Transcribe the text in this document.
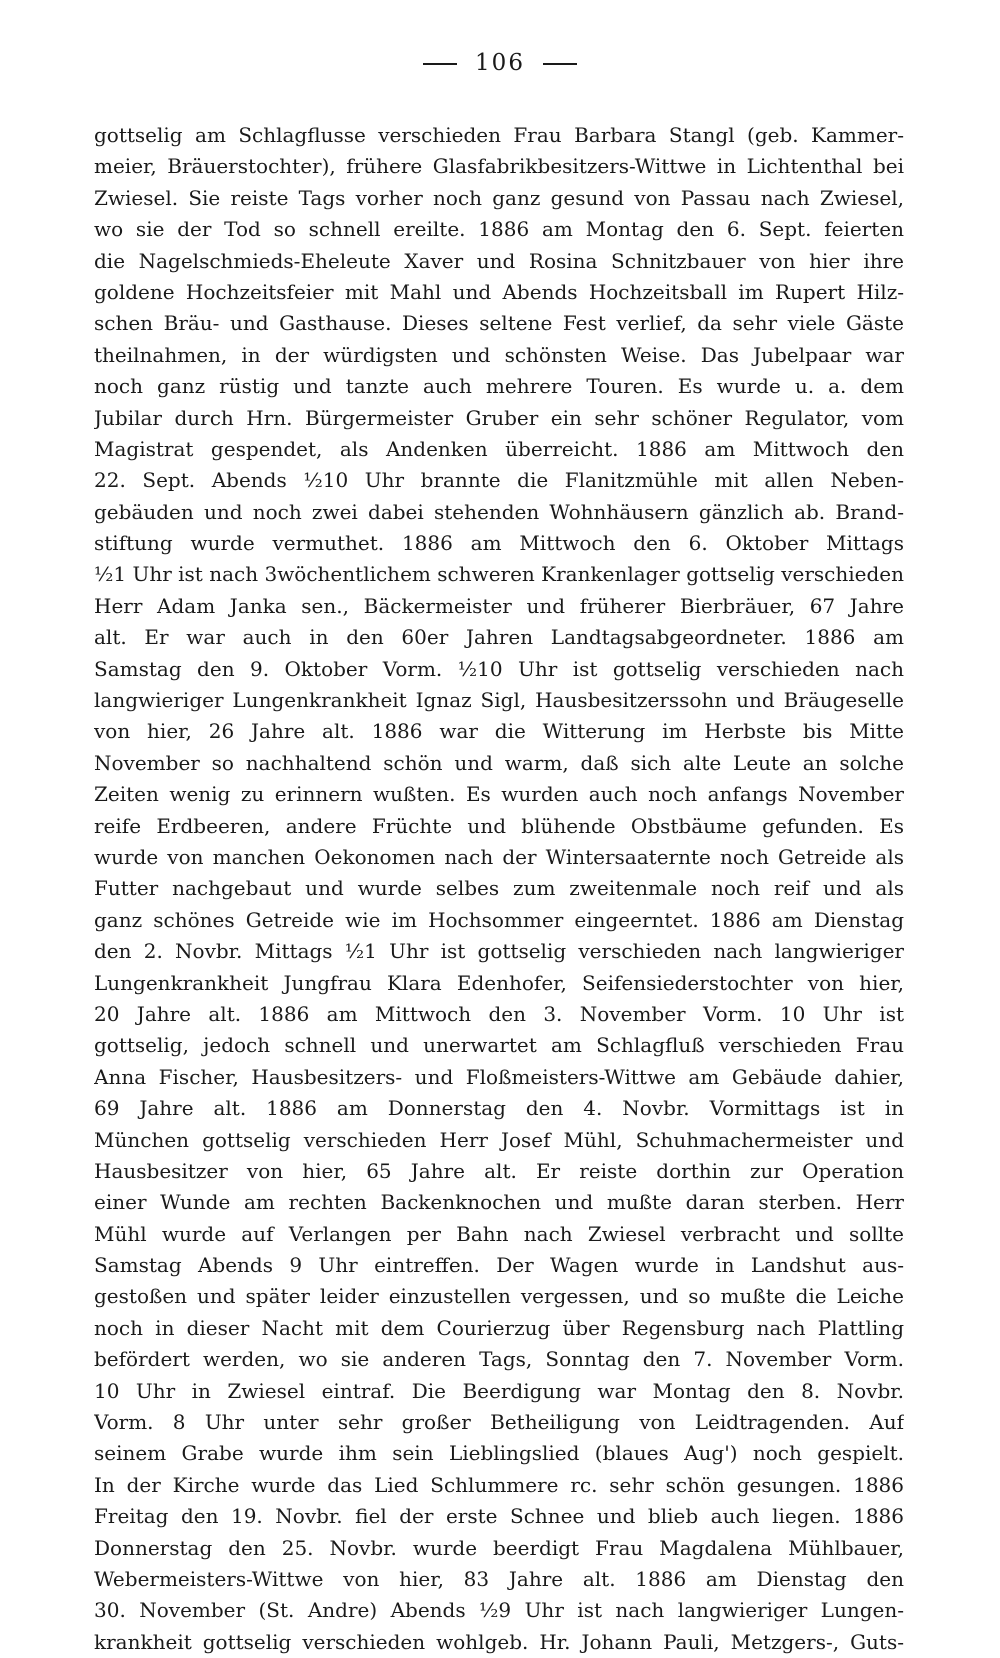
106
gottselig am Schlagflusse verschieden Frau Barbara Stangl (geb. Kammer-
meier, Bräuerstochter), frühere Glasfabrikbesitzers-Wittwe in Lichtenthal bei
Zwiesel. Sie reiste Tags vorher noch ganz gesund von Passau nach Zwiesel,
wo sie der Tod so schnell ereilte. 1886 am Montag den 6. Sept. feierten
die Nagelschmieds-Eheleute Xaver und Rosina Schnitzbauer von hier ihre
goldene Hochzeitsfeier mit Mahl und Abends Hochzeitsball im Rupert Hilz-
schen Bräu- und Gasthause. Dieses seltene Fest verlief, da sehr viele Gäste
theilnahmen, in der würdigsten und schönsten Weise. Das Jubelpaar war
noch ganz rüstig und tanzte auch mehrere Touren. Es wurde u. a. dem
Jubilar durch Hrn. Bürgermeister Gruber ein sehr schöner Regulator, vom
Magistrat gespendet, als Andenken überreicht. 1886 am Mittwoch den
22. Sept. Abends ½10 Uhr brannte die Flanitzmühle mit allen Neben-
gebäuden und noch zwei dabei stehenden Wohnhäusern gänzlich ab. Brand-
stiftung wurde vermuthet. 1886 am Mittwoch den 6. Oktober Mittags
½1 Uhr ist nach 3wöchentlichem schweren Krankenlager gottselig verschieden
Herr Adam Janka sen., Bäckermeister und früherer Bierbräuer, 67 Jahre
alt. Er war auch in den 60er Jahren Landtagsabgeordneter. 1886 am
Samstag den 9. Oktober Vorm. ½10 Uhr ist gottselig verschieden nach
langwieriger Lungenkrankheit Ignaz Sigl, Hausbesitzerssohn und Bräugeselle
von hier, 26 Jahre alt. 1886 war die Witterung im Herbste bis Mitte
November so nachhaltend schön und warm, daß sich alte Leute an solche
Zeiten wenig zu erinnern wußten. Es wurden auch noch anfangs November
reife Erdbeeren, andere Früchte und blühende Obstbäume gefunden. Es
wurde von manchen Oekonomen nach der Wintersaaternte noch Getreide als
Futter nachgebaut und wurde selbes zum zweitenmale noch reif und als
ganz schönes Getreide wie im Hochsommer eingeerntet. 1886 am Dienstag
den 2. Novbr. Mittags ½1 Uhr ist gottselig verschieden nach langwieriger
Lungenkrankheit Jungfrau Klara Edenhofer, Seifensiederstochter von hier,
20 Jahre alt. 1886 am Mittwoch den 3. November Vorm. 10 Uhr ist
gottselig, jedoch schnell und unerwartet am Schlagfluß verschieden Frau
Anna Fischer, Hausbesitzers- und Floßmeisters-Wittwe am Gebäude dahier,
69 Jahre alt. 1886 am Donnerstag den 4. Novbr. Vormittags ist in
München gottselig verschieden Herr Josef Mühl, Schuhmachermeister und
Hausbesitzer von hier, 65 Jahre alt. Er reiste dorthin zur Operation
einer Wunde am rechten Backenknochen und mußte daran sterben. Herr
Mühl wurde auf Verlangen per Bahn nach Zwiesel verbracht und sollte
Samstag Abends 9 Uhr eintreffen. Der Wagen wurde in Landshut aus-
gestoßen und später leider einzustellen vergessen, und so mußte die Leiche
noch in dieser Nacht mit dem Courierzug über Regensburg nach Plattling
befördert werden, wo sie anderen Tags, Sonntag den 7. November Vorm.
10 Uhr in Zwiesel eintraf. Die Beerdigung war Montag den 8. Novbr.
Vorm. 8 Uhr unter sehr großer Betheiligung von Leidtragenden. Auf
seinem Grabe wurde ihm sein Lieblingslied (blaues Aug') noch gespielt.
In der Kirche wurde das Lied Schlummere rc. sehr schön gesungen. 1886
Freitag den 19. Novbr. fiel der erste Schnee und blieb auch liegen. 1886
Donnerstag den 25. Novbr. wurde beerdigt Frau Magdalena Mühlbauer,
Webermeisters-Wittwe von hier, 83 Jahre alt. 1886 am Dienstag den
30. November (St. Andre) Abends ½9 Uhr ist nach langwieriger Lungen-
krankheit gottselig verschieden wohlgeb. Hr. Johann Pauli, Metzgers-, Guts-
